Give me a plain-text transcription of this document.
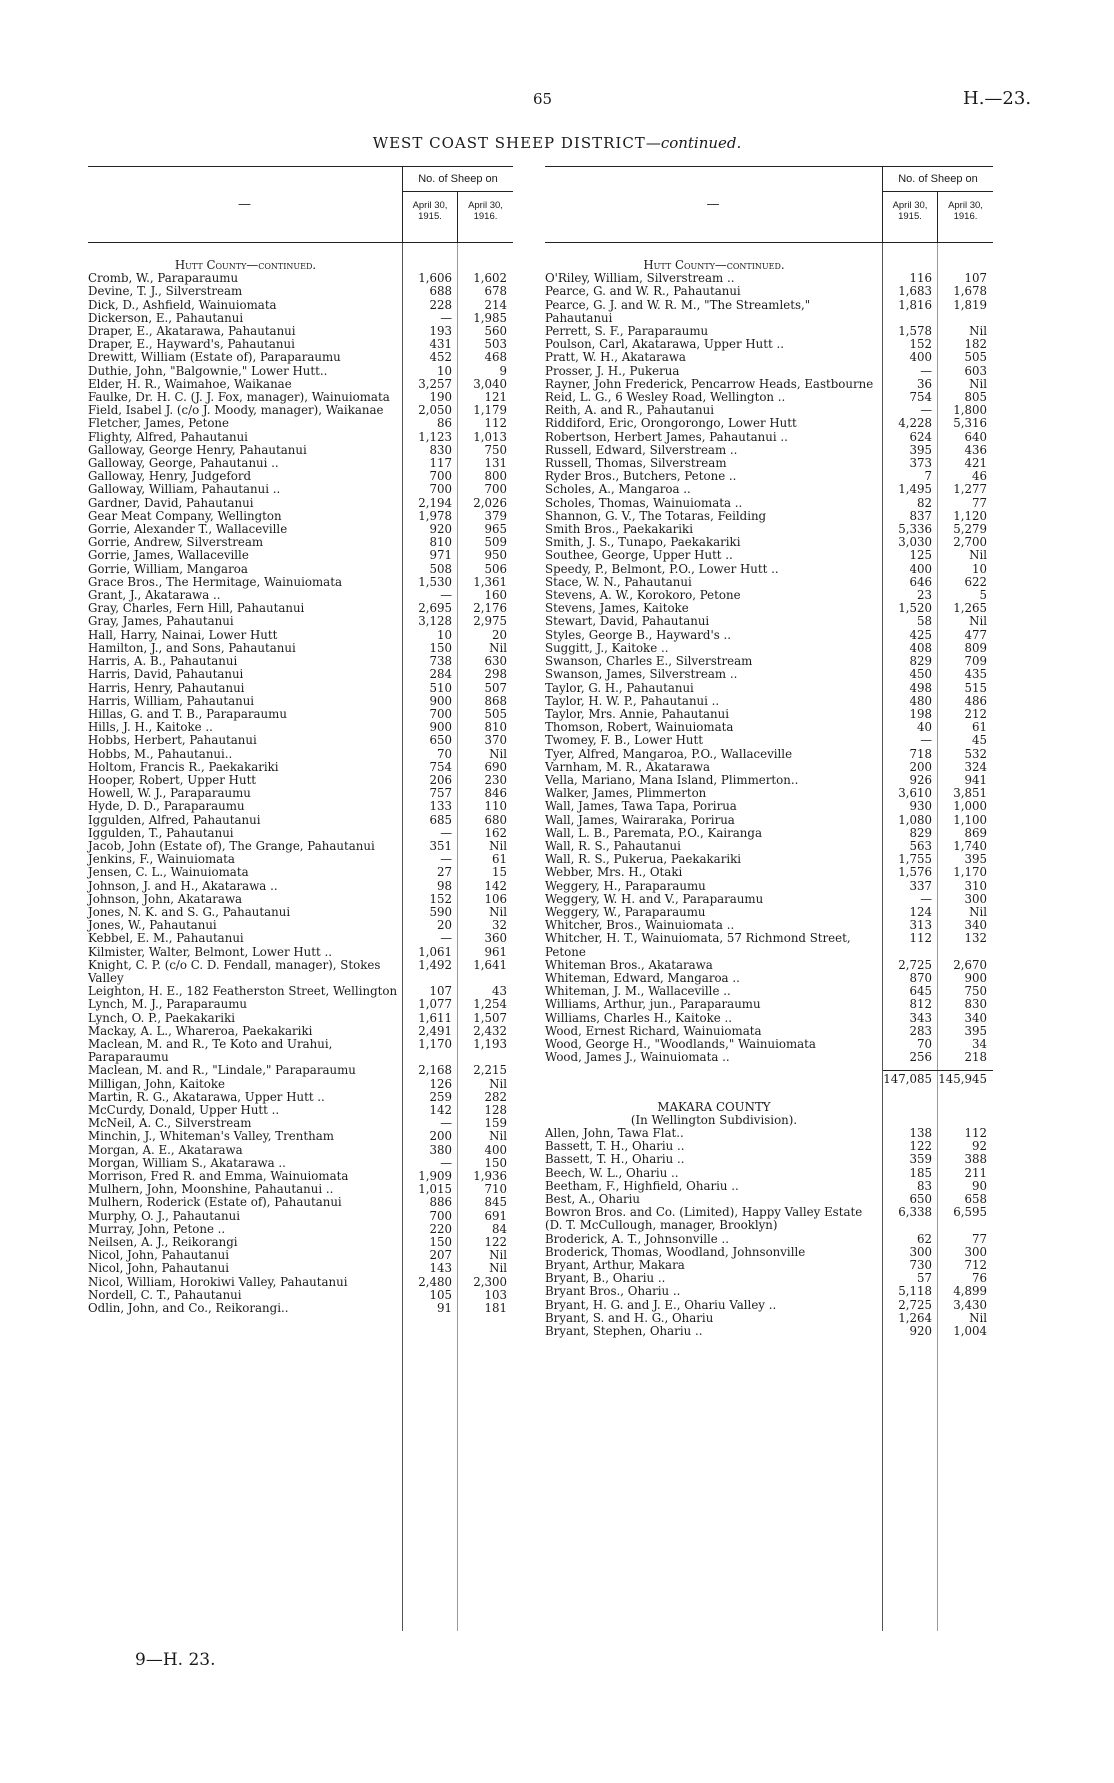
65	H.—23.
WEST COAST SHEEP DISTRICT—continued.
—
No. of Sheep on
April 30, 1915.
April 30, 1916.
Hutt County—continued.
Cromb, W., Paraparaumu	1,606	1,602
Devine, T. J., Silverstream	688	678
Dick, D., Ashfield, Wainuiomata	228	214
Dickerson, E., Pahautanui	—	1,985
Draper, E., Akatarawa, Pahautanui	193	560
Draper, E., Hayward's, Pahautanui	431	503
Drewitt, William (Estate of), Paraparaumu	452	468
Duthie, John, "Balgownie," Lower Hutt..	10	9
Elder, H. R., Waimahoe, Waikanae	3,257	3,040
Faulke, Dr. H. C. (J. J. Fox, manager), Wainuiomata	190	121
Field, Isabel J. (c/o J. Moody, manager), Waikanae	2,050	1,179
Fletcher, James, Petone	86	112
Flighty, Alfred, Pahautanui	1,123	1,013
Galloway, George Henry, Pahautanui	830	750
Galloway, George, Pahautanui ..	117	131
Galloway, Henry, Judgeford	700	800
Galloway, William, Pahautanui ..	700	700
Gardner, David, Pahautanui	2,194	2,026
Gear Meat Company, Wellington	1,978	379
Gorrie, Alexander T., Wallaceville	920	965
Gorrie, Andrew, Silverstream	810	509
Gorrie, James, Wallaceville	971	950
Gorrie, William, Mangaroa	508	506
Grace Bros., The Hermitage, Wainuiomata	1,530	1,361
Grant, J., Akatarawa ..	—	160
Gray, Charles, Fern Hill, Pahautanui	2,695	2,176
Gray, James, Pahautanui	3,128	2,975
Hall, Harry, Nainai, Lower Hutt	10	20
Hamilton, J., and Sons, Pahautanui	150	Nil
Harris, A. B., Pahautanui	738	630
Harris, David, Pahautanui	284	298
Harris, Henry, Pahautanui	510	507
Harris, William, Pahautanui	900	868
Hillas, G. and T. B., Paraparaumu	700	505
Hills, J. H., Kaitoke ..	900	810
Hobbs, Herbert, Pahautanui	650	370
Hobbs, M., Pahautanui..	70	Nil
Holtom, Francis R., Paekakariki	754	690
Hooper, Robert, Upper Hutt	206	230
Howell, W. J., Paraparaumu	757	846
Hyde, D. D., Paraparaumu	133	110
Iggulden, Alfred, Pahautanui	685	680
Iggulden, T., Pahautanui	—	162
Jacob, John (Estate of), The Grange, Pahautanui	351	Nil
Jenkins, F., Wainuiomata	—	61
Jensen, C. L., Wainuiomata	27	15
Johnson, J. and H., Akatarawa ..	98	142
Johnson, John, Akatarawa	152	106
Jones, N. K. and S. G., Pahautanui	590	Nil
Jones, W., Pahautanui	20	32
Kebbel, E. M., Pahautanui	—	360
Kilmister, Walter, Belmont, Lower Hutt ..	1,061	961
Knight, C. P. (c/o C. D. Fendall, manager), Stokes Valley
1,492	1,641
Leighton, H. E., 182 Featherston Street, Wellington	107	43
Lynch, M. J., Paraparaumu	1,077	1,254
Lynch, O. P., Paekakariki	1,611	1,507
Mackay, A. L., Whareroa, Paekakariki	2,491	2,432
Maclean, M. and R., Te Koto and Urahui, Paraparaumu
1,170	1,193
Maclean, M. and R., "Lindale," Paraparaumu	2,168	2,215
Milligan, John, Kaitoke	126	Nil
Martin, R. G., Akatarawa, Upper Hutt ..	259	282
McCurdy, Donald, Upper Hutt ..	142	128
McNeil, A. C., Silverstream	—	159
Minchin, J., Whiteman's Valley, Trentham	200	Nil
Morgan, A. E., Akatarawa	380	400
Morgan, William S., Akatarawa ..	—	150
Morrison, Fred R. and Emma, Wainuiomata	1,909	1,936
Mulhern, John, Moonshine, Pahautanui ..	1,015	710
Mulhern, Roderick (Estate of), Pahautanui	886	845
Murphy, O. J., Pahautanui	700	691
Murray, John, Petone ..	220	84
Neilsen, A. J., Reikorangi	150	122
Nicol, John, Pahautanui	207	Nil
Nicol, John, Pahautanui	143	Nil
Nicol, William, Horokiwi Valley, Pahautanui	2,480	2,300
Nordell, C. T., Pahautanui	105	103
Odlin, John, and Co., Reikorangi..	91	181
—
No. of Sheep on
April 30, 1915.
April 30, 1916.
Hutt County—continued.
O'Riley, William, Silverstream ..	116	107
Pearce, G. and W. R., Pahautanui	1,683	1,678
Pearce, G. J. and W. R. M., "The Streamlets," Pahautanui
1,816	1,819
Perrett, S. F., Paraparaumu	1,578	Nil
Poulson, Carl, Akatarawa, Upper Hutt ..	152	182
Pratt, W. H., Akatarawa	400	505
Prosser, J. H., Pukerua	—	603
Rayner, John Frederick, Pencarrow Heads, Eastbourne	36	Nil
Reid, L. G., 6 Wesley Road, Wellington ..	754	805
Reith, A. and R., Pahautanui	—	1,800
Riddiford, Eric, Orongorongo, Lower Hutt	4,228	5,316
Robertson, Herbert James, Pahautanui ..	624	640
Russell, Edward, Silverstream ..	395	436
Russell, Thomas, Silverstream	373	421
Ryder Bros., Butchers, Petone ..	7	46
Scholes, A., Mangaroa ..	1,495	1,277
Scholes, Thomas, Wainuiomata ..	82	77
Shannon, G. V., The Totaras, Feilding	837	1,120
Smith Bros., Paekakariki	5,336	5,279
Smith, J. S., Tunapo, Paekakariki	3,030	2,700
Southee, George, Upper Hutt ..	125	Nil
Speedy, P., Belmont, P.O., Lower Hutt ..	400	10
Stace, W. N., Pahautanui	646	622
Stevens, A. W., Korokoro, Petone	23	5
Stevens, James, Kaitoke	1,520	1,265
Stewart, David, Pahautanui	58	Nil
Styles, George B., Hayward's ..	425	477
Suggitt, J., Kaitoke ..	408	809
Swanson, Charles E., Silverstream	829	709
Swanson, James, Silverstream ..	450	435
Taylor, G. H., Pahautanui	498	515
Taylor, H. W. P., Pahautanui ..	480	486
Taylor, Mrs. Annie, Pahautanui	198	212
Thomson, Robert, Wainuiomata	40	61
Twomey, F. B., Lower Hutt	—	45
Tyer, Alfred, Mangaroa, P.O., Wallaceville	718	532
Varnham, M. R., Akatarawa	200	324
Vella, Mariano, Mana Island, Plimmerton..	926	941
Walker, James, Plimmerton	3,610	3,851
Wall, James, Tawa Tapa, Porirua	930	1,000
Wall, James, Wairaraka, Porirua	1,080	1,100
Wall, L. B., Paremata, P.O., Kairanga	829	869
Wall, R. S., Pahautanui	563	1,740
Wall, R. S., Pukerua, Paekakariki	1,755	395
Webber, Mrs. H., Otaki	1,576	1,170
Weggery, H., Paraparaumu	337	310
Weggery, W. H. and V., Paraparaumu	—	300
Weggery, W., Paraparaumu	124	Nil
Whitcher, Bros., Wainuiomata ..	313	340
Whitcher, H. T., Wainuiomata, 57 Richmond Street, Petone
112	132
Whiteman Bros., Akatarawa	2,725	2,670
Whiteman, Edward, Mangaroa ..	870	900
Whiteman, J. M., Wallaceville ..	645	750
Williams, Arthur, jun., Paraparaumu	812	830
Williams, Charles H., Kaitoke ..	343	340
Wood, Ernest Richard, Wainuiomata	283	395
Wood, George H., "Woodlands," Wainuiomata	70	34
Wood, James J., Wainuiomata ..	256	218
147,085 145,945
MAKARA COUNTY
(In Wellington Subdivision).
Allen, John, Tawa Flat..	138	112
Bassett, T. H., Ohariu ..	122	92
Bassett, T. H., Ohariu ..	359	388
Beech, W. L., Ohariu ..	185	211
Beetham, F., Highfield, Ohariu ..	83	90
Best, A., Ohariu	650	658
Bowron Bros. and Co. (Limited), Happy Valley Estate (D. T. McCullough, manager, Brooklyn)
6,338	6,595
Broderick, A. T., Johnsonville ..	62	77
Broderick, Thomas, Woodland, Johnsonville	300	300
Bryant, Arthur, Makara	730	712
Bryant, B., Ohariu ..	57	76
Bryant Bros., Ohariu ..	5,118	4,899
Bryant, H. G. and J. E., Ohariu Valley ..	2,725	3,430
Bryant, S. and H. G., Ohariu	1,264	Nil
Bryant, Stephen, Ohariu ..	920	1,004
9—H. 23.
